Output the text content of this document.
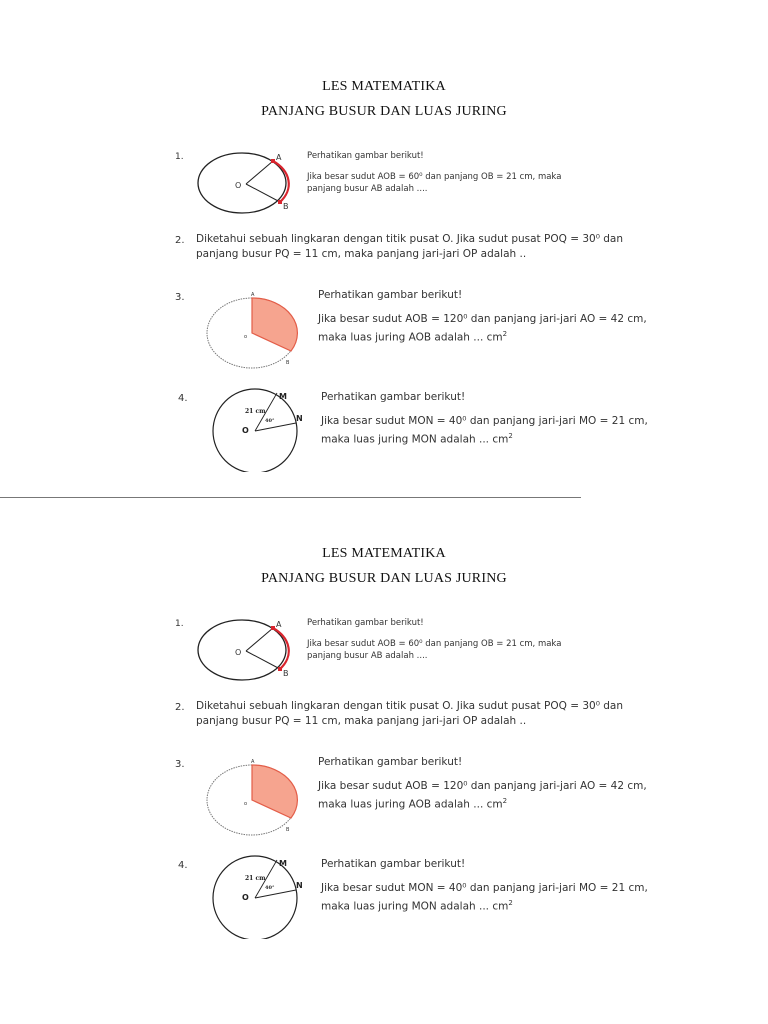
LES MATEMATIKA
PANJANG BUSUR DAN LUAS JURING
1.	A
B
O

Perhatikan gambar berikut!

Jika besar sudut AOB = 60⁰ dan panjang OB = 21 cm, maka

panjang busur AB adalah ....

2. Diketahui sebuah lingkaran dengan titik pusat O. Jika sudut pusat POQ = 30⁰ dan

panjang busur PQ = 11 cm, maka panjang jari-jari OP adalah ..

3.	A
B
o

Perhatikan gambar berikut!

Jika besar sudut AOB = 120⁰ dan panjang jari-jari AO = 42 cm,

maka luas juring AOB adalah ... $cm^2$

4.	M
N
O
21 cm
40°

Perhatikan gambar berikut!

Jika besar sudut MON = 40⁰ dan panjang jari-jari MO = 21 cm,

maka luas juring MON adalah ... $cm^2$

LES MATEMATIKA
PANJANG BUSUR DAN LUAS JURING
1.	A
B
O

Perhatikan gambar berikut!

Jika besar sudut AOB = 60⁰ dan panjang OB = 21 cm, maka

panjang busur AB adalah ....

2. Diketahui sebuah lingkaran dengan titik pusat O. Jika sudut pusat POQ = 30⁰ dan

panjang busur PQ = 11 cm, maka panjang jari-jari OP adalah ..

3.	A
B
o

Perhatikan gambar berikut!

Jika besar sudut AOB = 120⁰ dan panjang jari-jari AO = 42 cm,

maka luas juring AOB adalah ... $cm^2$

4.	M
N
O
21 cm
40°

Perhatikan gambar berikut!

Jika besar sudut MON = 40⁰ dan panjang jari-jari MO = 21 cm,

maka luas juring MON adalah ... $cm^2$
